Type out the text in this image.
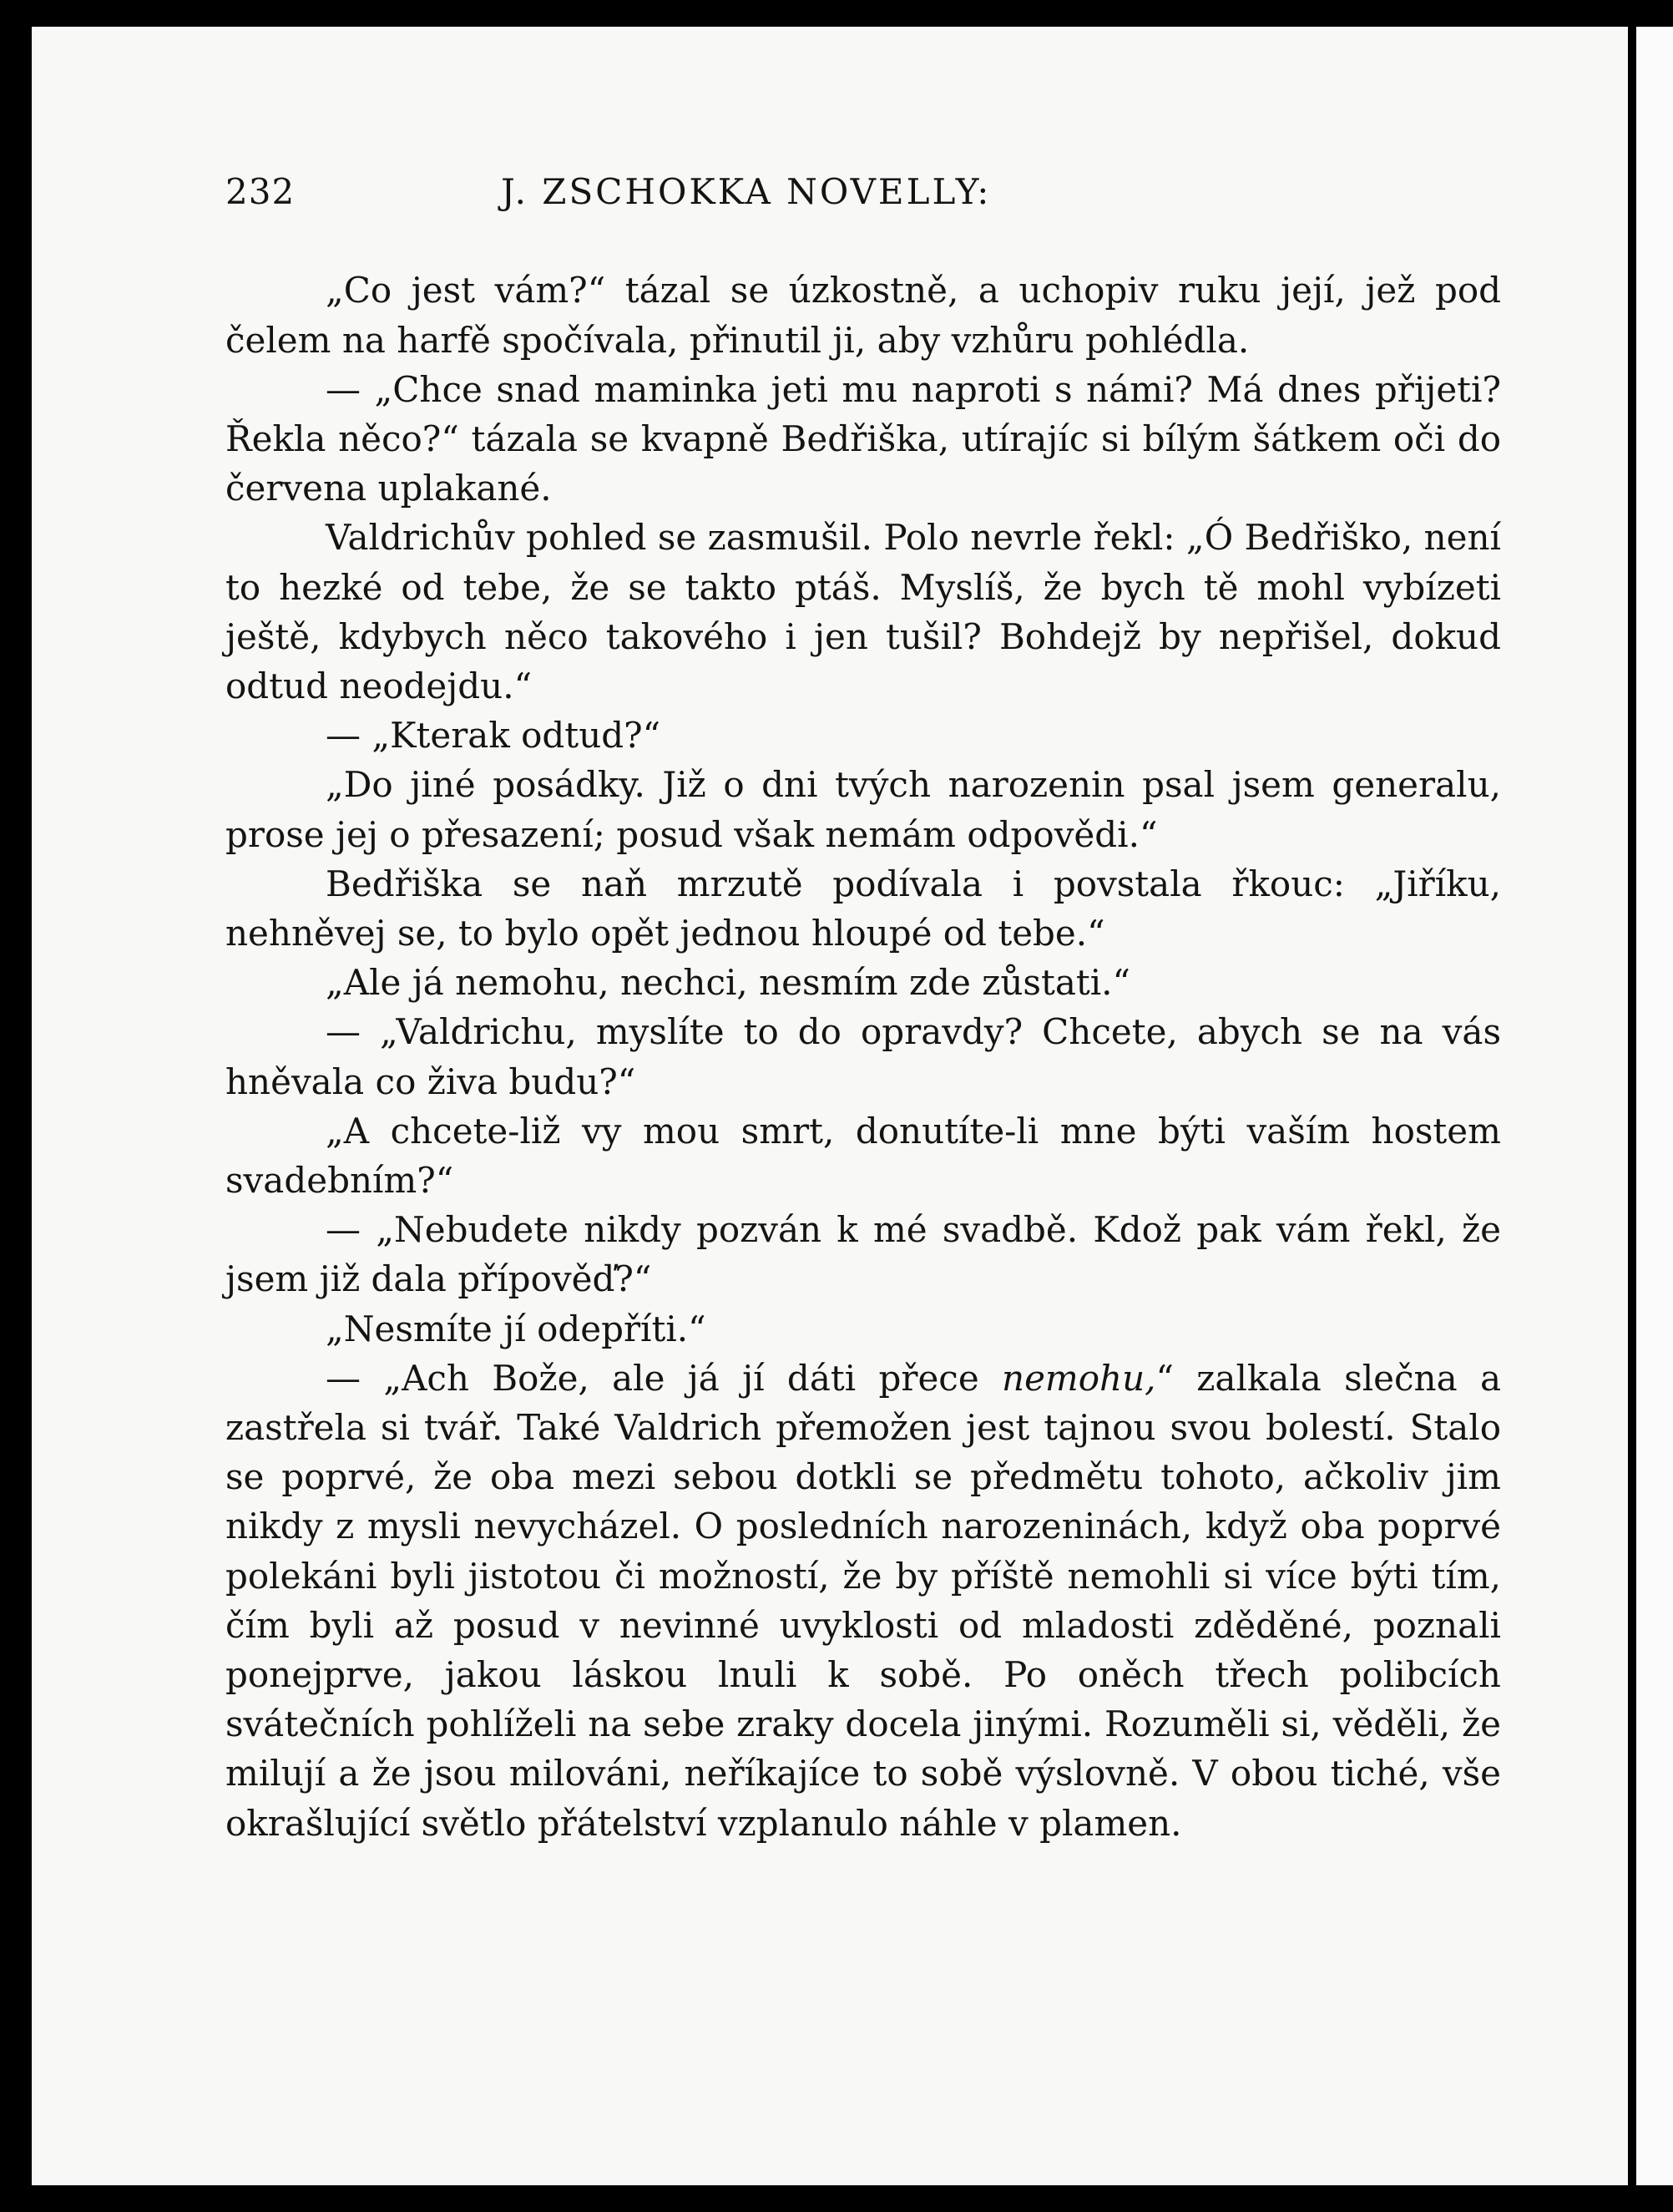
232	J. ZSCHOKKA NOVELLY:

„Co jest vám?“ tázal se úzkostně, a uchopiv ruku její, jež pod čelem na harfě spočívala, přinutil ji, aby vzhůru pohlédla.

— „Chce snad maminka jeti mu naproti s námi? Má dnes přijeti? Řekla něco?“ tázala se kvapně Bedřiška, utírajíc si bílým šátkem oči do červena uplakané.

Valdrichův pohled se zasmušil. Polo nevrle řekl: „Ó Bedřiško, není to hezké od tebe, že se takto ptáš. Myslíš, že bych tě mohl vybízeti ještě, kdybych něco takového i jen tušil? Bohdejž by nepřišel, dokud odtud neodejdu.“

— „Kterak odtud?“

„Do jiné posádky. Již o dni tvých narozenin psal jsem generalu, prose jej o přesazení; posud však nemám odpovědi.“

Bedřiška se naň mrzutě podívala i povstala řkouc: „Jiříku, nehněvej se, to bylo opět jednou hloupé od tebe.“

„Ale já nemohu, nechci, nesmím zde zůstati.“

— „Valdrichu, myslíte to do opravdy? Chcete, abych se na vás hněvala co živa budu?“

„A chcete-liž vy mou smrt, donutíte-li mne býti vaším hostem svadebním?“

— „Nebudete nikdy pozván k mé svadbě. Kdož pak vám řekl, že jsem již dala přípověď?“

„Nesmíte jí odepříti.“

— „Ach Bože, ale já jí dáti přece nemohu,“ zalkala slečna a zastřela si tvář. Také Valdrich přemožen jest tajnou svou bolestí. Stalo se poprvé, že oba mezi sebou dotkli se předmětu tohoto, ačkoliv jim nikdy z mysli nevycházel. O posledních narozeninách, když oba poprvé polekáni byli jistotou či možností, že by příště nemohli si více býti tím, čím byli až posud v nevinné uvyklosti od mladosti zděděné, poznali ponejprve, jakou láskou lnuli k sobě. Po oněch třech polibcích svátečních pohlíželi na sebe zraky docela jinými. Rozuměli si, věděli, že milují a že jsou milováni, neříkajíce to sobě výslovně. V obou tiché, vše okrašlující světlo přátelství vzplanulo náhle v plamen.
